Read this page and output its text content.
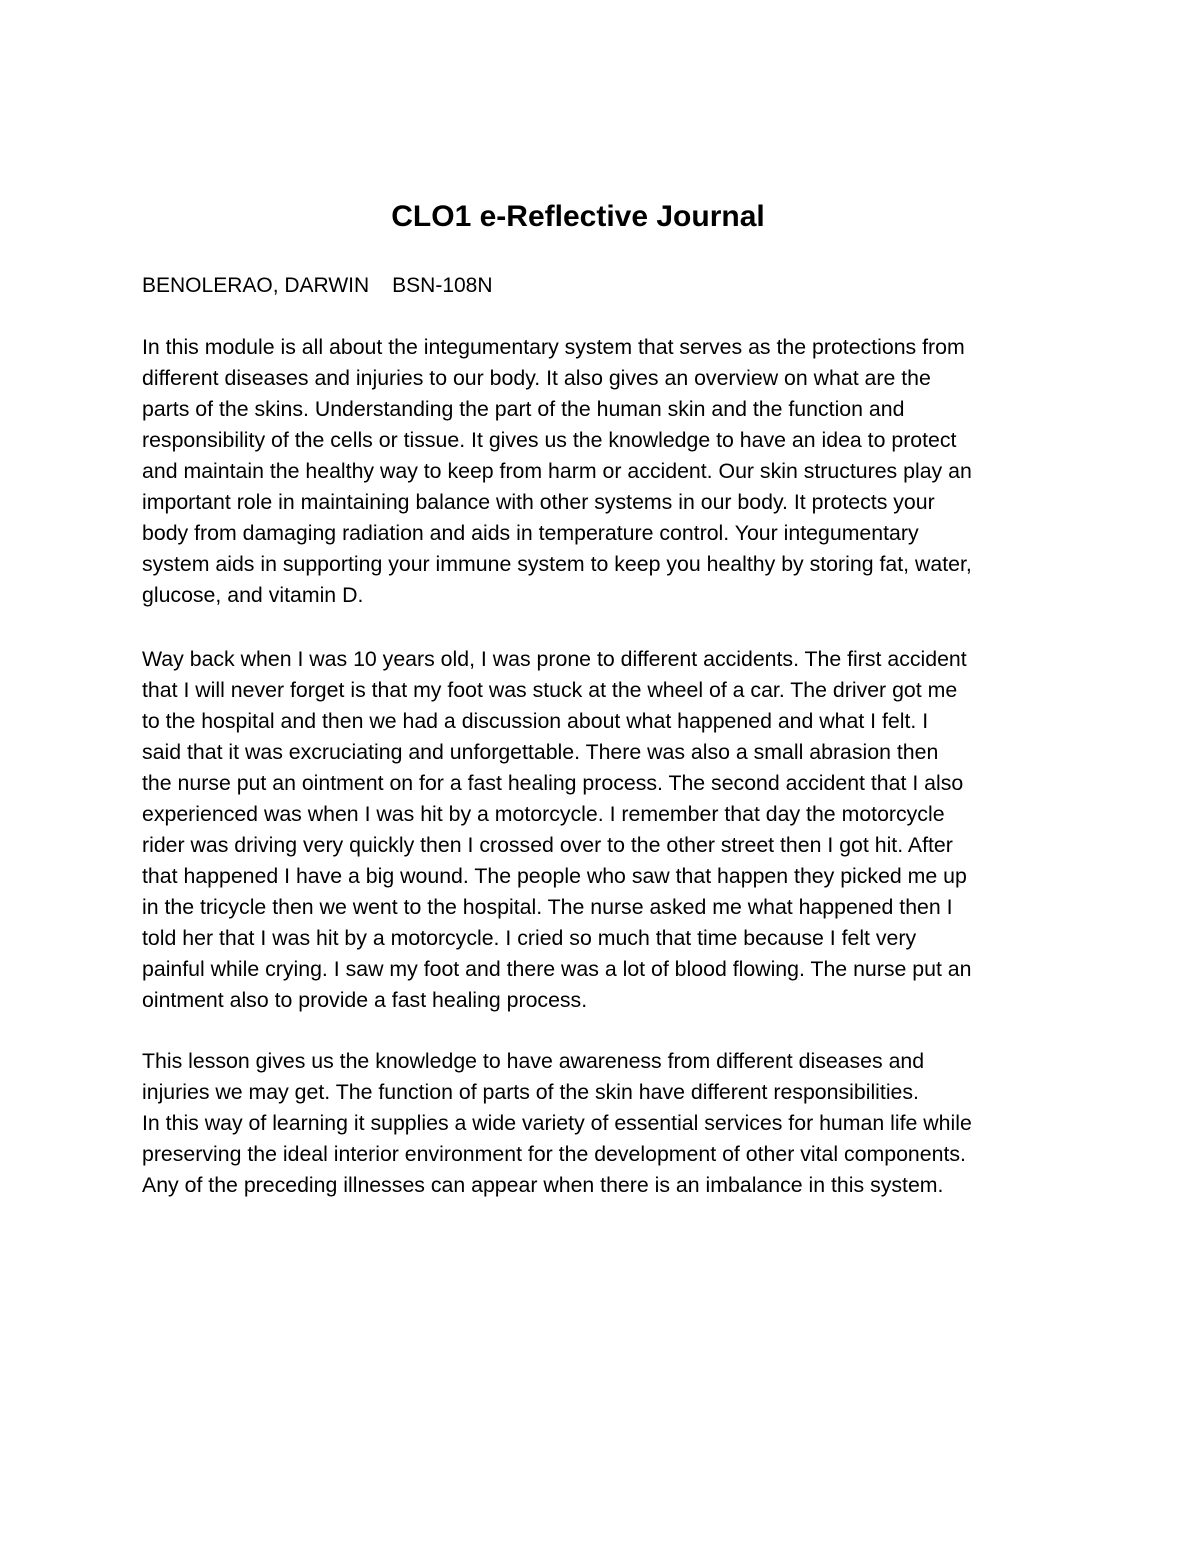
CLO1 e-Reflective Journal

BENOLERAO, DARWIN BSN-108N

In this module is all about the integumentary system that serves as the protections from
different diseases and injuries to our body. It also gives an overview on what are the
parts of the skins. Understanding the part of the human skin and the function and
responsibility of the cells or tissue. It gives us the knowledge to have an idea to protect
and maintain the healthy way to keep from harm or accident. Our skin structures play an
important role in maintaining balance with other systems in our body. It protects your
body from damaging radiation and aids in temperature control. Your integumentary
system aids in supporting your immune system to keep you healthy by storing fat, water,
glucose, and vitamin D.

Way back when I was 10 years old, I was prone to different accidents. The first accident
that I will never forget is that my foot was stuck at the wheel of a car. The driver got me
to the hospital and then we had a discussion about what happened and what I felt. I
said that it was excruciating and unforgettable. There was also a small abrasion then
the nurse put an ointment on for a fast healing process. The second accident that I also
experienced was when I was hit by a motorcycle. I remember that day the motorcycle
rider was driving very quickly then I crossed over to the other street then I got hit. After
that happened I have a big wound. The people who saw that happen they picked me up
in the tricycle then we went to the hospital. The nurse asked me what happened then I
told her that I was hit by a motorcycle. I cried so much that time because I felt very
painful while crying. I saw my foot and there was a lot of blood flowing. The nurse put an
ointment also to provide a fast healing process.

This lesson gives us the knowledge to have awareness from different diseases and
injuries we may get. The function of parts of the skin have different responsibilities.
In this way of learning it supplies a wide variety of essential services for human life while
preserving the ideal interior environment for the development of other vital components.
Any of the preceding illnesses can appear when there is an imbalance in this system.
